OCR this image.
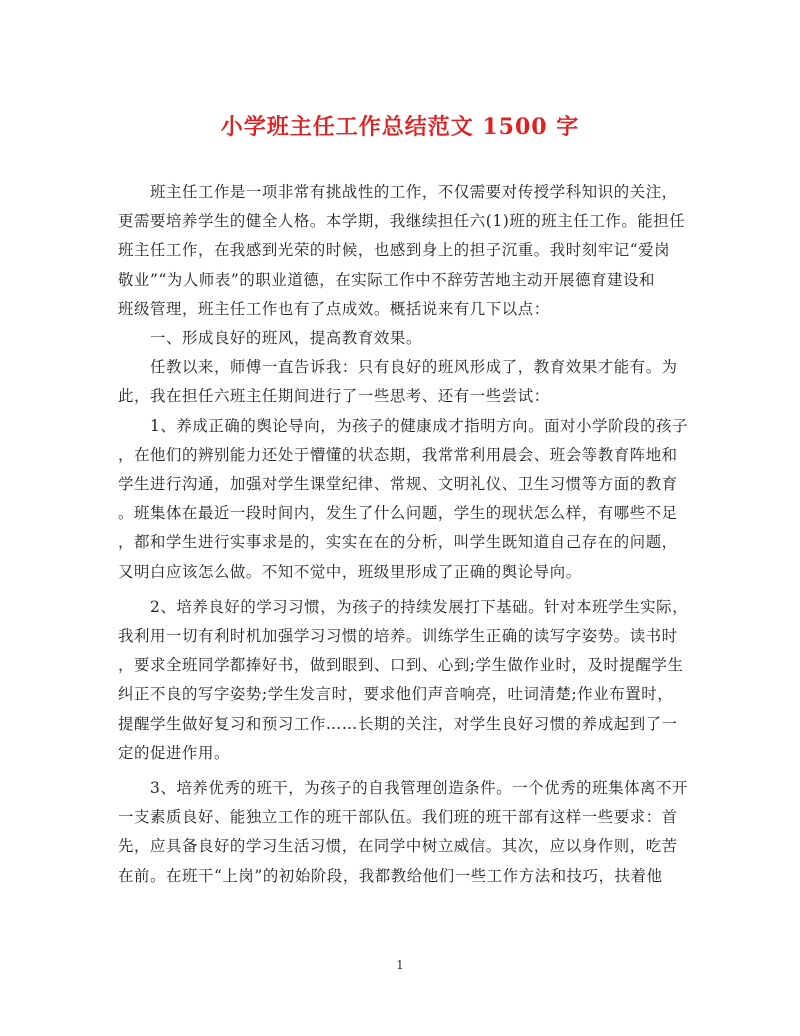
小学班主任工作总结范文 1500 字

　　班主任工作是一项非常有挑战性的工作，不仅需要对传授学科知识的关注，
更需要培养学生的健全人格。本学期，我继续担任六(1)班的班主任工作。能担任
班主任工作，在我感到光荣的时候，也感到身上的担子沉重。我时刻牢记“爱岗
敬业”“为人师表”的职业道德，在实际工作中不辞劳苦地主动开展德育建设和
班级管理，班主任工作也有了点成效。概括说来有几下以点：

　　一、形成良好的班风，提高教育效果。

　　任教以来，师傅一直告诉我：只有良好的班风形成了，教育效果才能有。为
此，我在担任六班主任期间进行了一些思考、还有一些尝试：

　　1、养成正确的舆论导向，为孩子的健康成才指明方向。面对小学阶段的孩子
，在他们的辨别能力还处于懵懂的状态期，我常常利用晨会、班会等教育阵地和
学生进行沟通，加强对学生课堂纪律、常规、文明礼仪、卫生习惯等方面的教育
。班集体在最近一段时间内，发生了什么问题，学生的现状怎么样，有哪些不足
，都和学生进行实事求是的，实实在在的分析，叫学生既知道自己存在的问题，
又明白应该怎么做。不知不觉中，班级里形成了正确的舆论导向。

　　2、培养良好的学习习惯，为孩子的持续发展打下基础。针对本班学生实际，
我利用一切有利时机加强学习习惯的培养。训练学生正确的读写字姿势。读书时
，要求全班同学都捧好书，做到眼到、口到、心到;学生做作业时，及时提醒学生
纠正不良的写字姿势;学生发言时，要求他们声音响亮，吐词清楚;作业布置时，
提醒学生做好复习和预习工作……长期的关注，对学生良好习惯的养成起到了一
定的促进作用。

　　3、培养优秀的班干，为孩子的自我管理创造条件。一个优秀的班集体离不开
一支素质良好、能独立工作的班干部队伍。我们班的班干部有这样一些要求：首
先，应具备良好的学习生活习惯，在同学中树立威信。其次，应以身作则，吃苦
在前。在班干“上岗”的初始阶段，我都教给他们一些工作方法和技巧，扶着他

1
